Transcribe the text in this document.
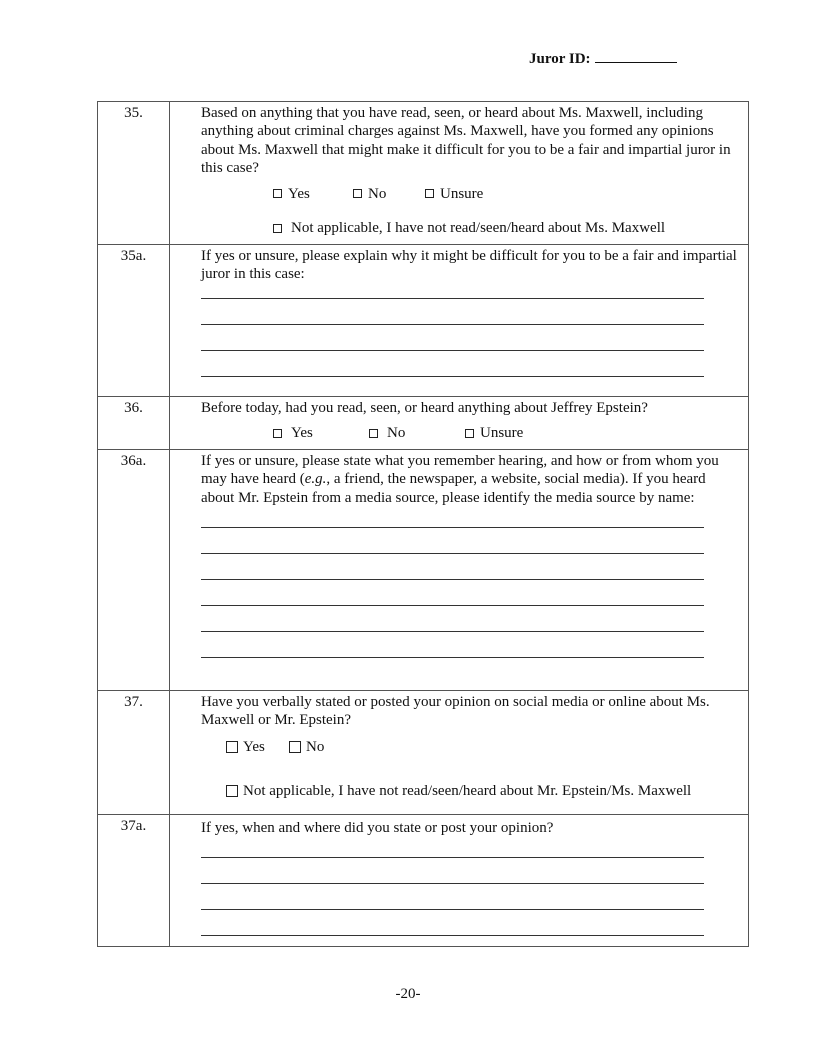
Juror ID:
35.	Based on anything that you have read, seen, or heard about Ms. Maxwell, including anything about criminal charges against Ms. Maxwell, have you formed any opinions about Ms. Maxwell that might make it difficult for you to be a fair and impartial juror in this case?

Yes No Unsure
Not applicable, I have not read/seen/heard about Ms. Maxwell

35a.	If yes or unsure, please explain why it might be difficult for you to be a fair and impartial juror in this case:

36.	Before today, had you read, seen, or heard anything about Jeffrey Epstein?

Yes No Unsure

36a.	If yes or unsure, please state what you remember hearing, and how or from whom you may have heard (e.g., a friend, the newspaper, a website, social media). If you heard about Mr. Epstein from a media source, please identify the media source by name:

37.	Have you verbally stated or posted your opinion on social media or online about Ms. Maxwell or Mr. Epstein?

Yes No
Not applicable, I have not read/seen/heard about Mr. Epstein/Ms. Maxwell

37a.	If yes, when and where did you state or post your opinion?

-20-
